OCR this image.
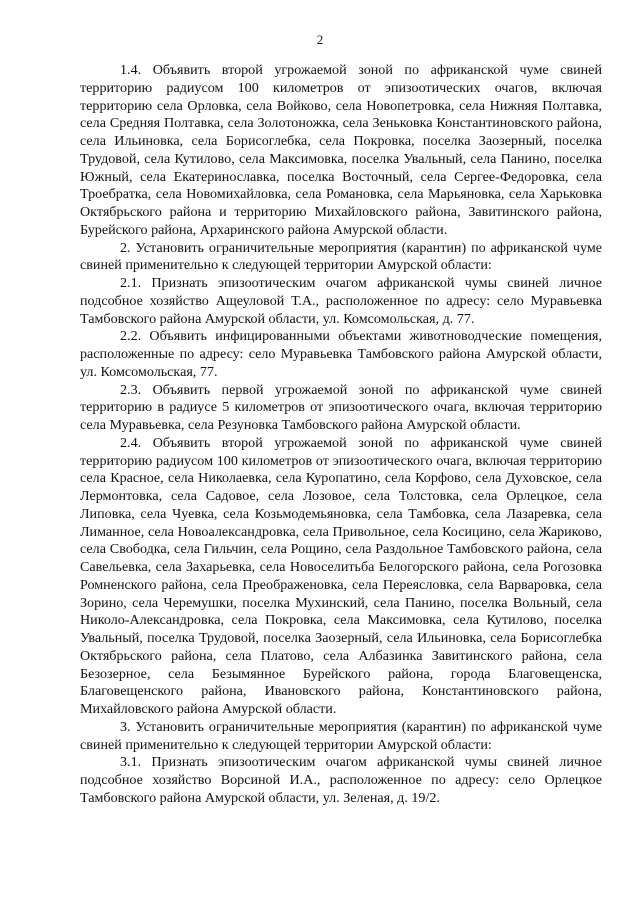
2

1.4. Объявить второй угрожаемой зоной по африканской чуме свиней территорию радиусом 100 километров от эпизоотических очагов, включая территорию села Орловка, села Войково, села Новопетровка, села Нижняя Полтавка, села Средняя Полтавка, села Золотоножка, села Зеньковка Константиновского района, села Ильиновка, села Борисоглебка, села Покровка, поселка Заозерный, поселка Трудовой, села Кутилово, села Максимовка, поселка Увальный, села Панино, поселка Южный, села Екатеринославка, поселка Восточный, села Сергее-Федоровка, села Троебратка, села Новомихайловка, села Романовка, села Марьяновка, села Харьковка Октябрьского района и территорию Михайловского района, Завитинского района, Бурейского района, Архаринского района Амурской области.

2. Установить ограничительные мероприятия (карантин) по африканской чуме свиней применительно к следующей территории Амурской области:

2.1. Признать эпизоотическим очагом африканской чумы свиней личное подсобное хозяйство Ащеуловой Т.А., расположенное по адресу: село Муравьевка Тамбовского района Амурской области, ул. Комсомольская, д. 77.

2.2. Объявить инфицированными объектами животноводческие помещения, расположенные по адресу: село Муравьевка Тамбовского района Амурской области, ул. Комсомольская, 77.

2.3. Объявить первой угрожаемой зоной по африканской чуме свиней территорию в радиусе 5 километров от эпизоотического очага, включая территорию села Муравьевка, села Резуновка Тамбовского района Амурской области.

2.4. Объявить второй угрожаемой зоной по африканской чуме свиней территорию радиусом 100 километров от эпизоотического очага, включая территорию села Красное, села Николаевка, села Куропатино, села Корфово, села Духовское, села Лермонтовка, села Садовое, села Лозовое, села Толстовка, села Орлецкое, села Липовка, села Чуевка, села Козьмодемьяновка, села Тамбовка, села Лазаревка, села Лиманное, села Новоалександровка, села Привольное, села Косицино, села Жариково, села Свободка, села Гильчин, села Рощино, села Раздольное Тамбовского района, села Савельевка, села Захарьевка, села Новоселитьба Белогорского района, села Рогозовка Ромненского района, села Преображеновка, села Переясловка, села Варваровка, села Зорино, села Черемушки, поселка Мухинский, села Панино, поселка Вольный, села Николо-Александровка, села Покровка, села Максимовка, села Кутилово, поселка Увальный, поселка Трудовой, поселка Заозерный, села Ильиновка, села Борисоглебка Октябрьского района, села Платово, села Албазинка Завитинского района, села Безозерное, села Безымянное Бурейского района, города Благовещенска, Благовещенского района, Ивановского района, Константиновского района, Михайловского района Амурской области.

3. Установить ограничительные мероприятия (карантин) по африканской чуме свиней применительно к следующей территории Амурской области:

3.1. Признать эпизоотическим очагом африканской чумы свиней личное подсобное хозяйство Ворсиной И.А., расположенное по адресу: село Орлецкое Тамбовского района Амурской области, ул. Зеленая, д. 19/2.
